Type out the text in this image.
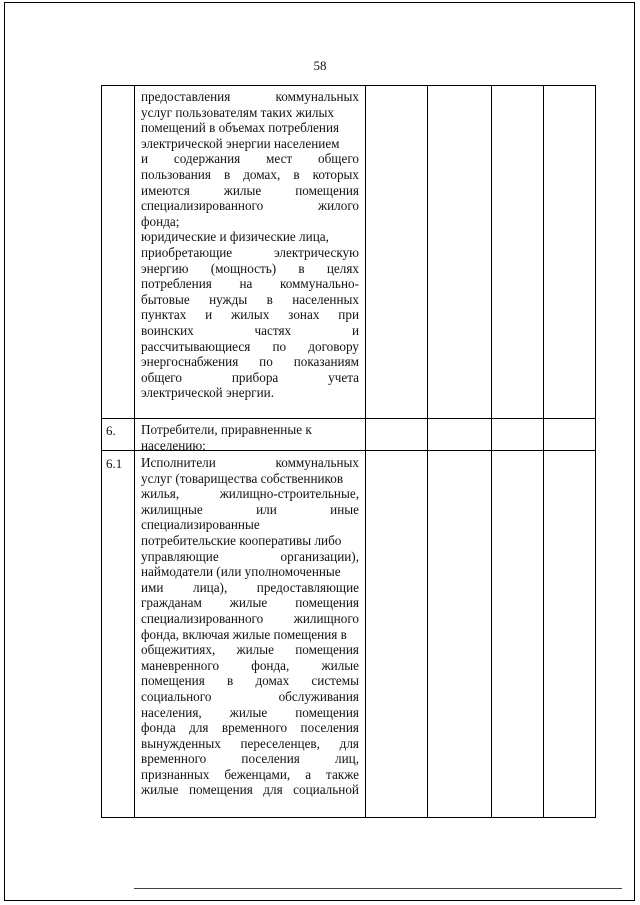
58
предоставления коммунальных
услуг пользователям таких жилых
помещений в объемах потребления
электрической энергии населением
и содержания мест общего
пользования в домах, в которых
имеются жилые помещения
специализированного жилого
фонда;
юридические и физические лица,
приобретающие электрическую
энергию (мощность) в целях
потребления на коммунально-
бытовые нужды в населенных
пунктах и жилых зонах при
воинских частях и
рассчитывающиеся по договору
энергоснабжения по показаниям
общего прибора учета
электрической энергии.
6. Потребители, приравненные к
населению:
6.1 Исполнители коммунальных
услуг (товарищества собственников
жилья, жилищно-строительные,
жилищные или иные
специализированные
потребительские кооперативы либо
управляющие организации),
наймодатели (или уполномоченные
ими лица), предоставляющие
гражданам жилые помещения
специализированного жилищного
фонда, включая жилые помещения в
общежитиях, жилые помещения
маневренного фонда, жилые
помещения в домах системы
социального обслуживания
населения, жилые помещения
фонда для временного поселения
вынужденных переселенцев, для
временного поселения лиц,
признанных беженцами, а также
жилые помещения для социальной
